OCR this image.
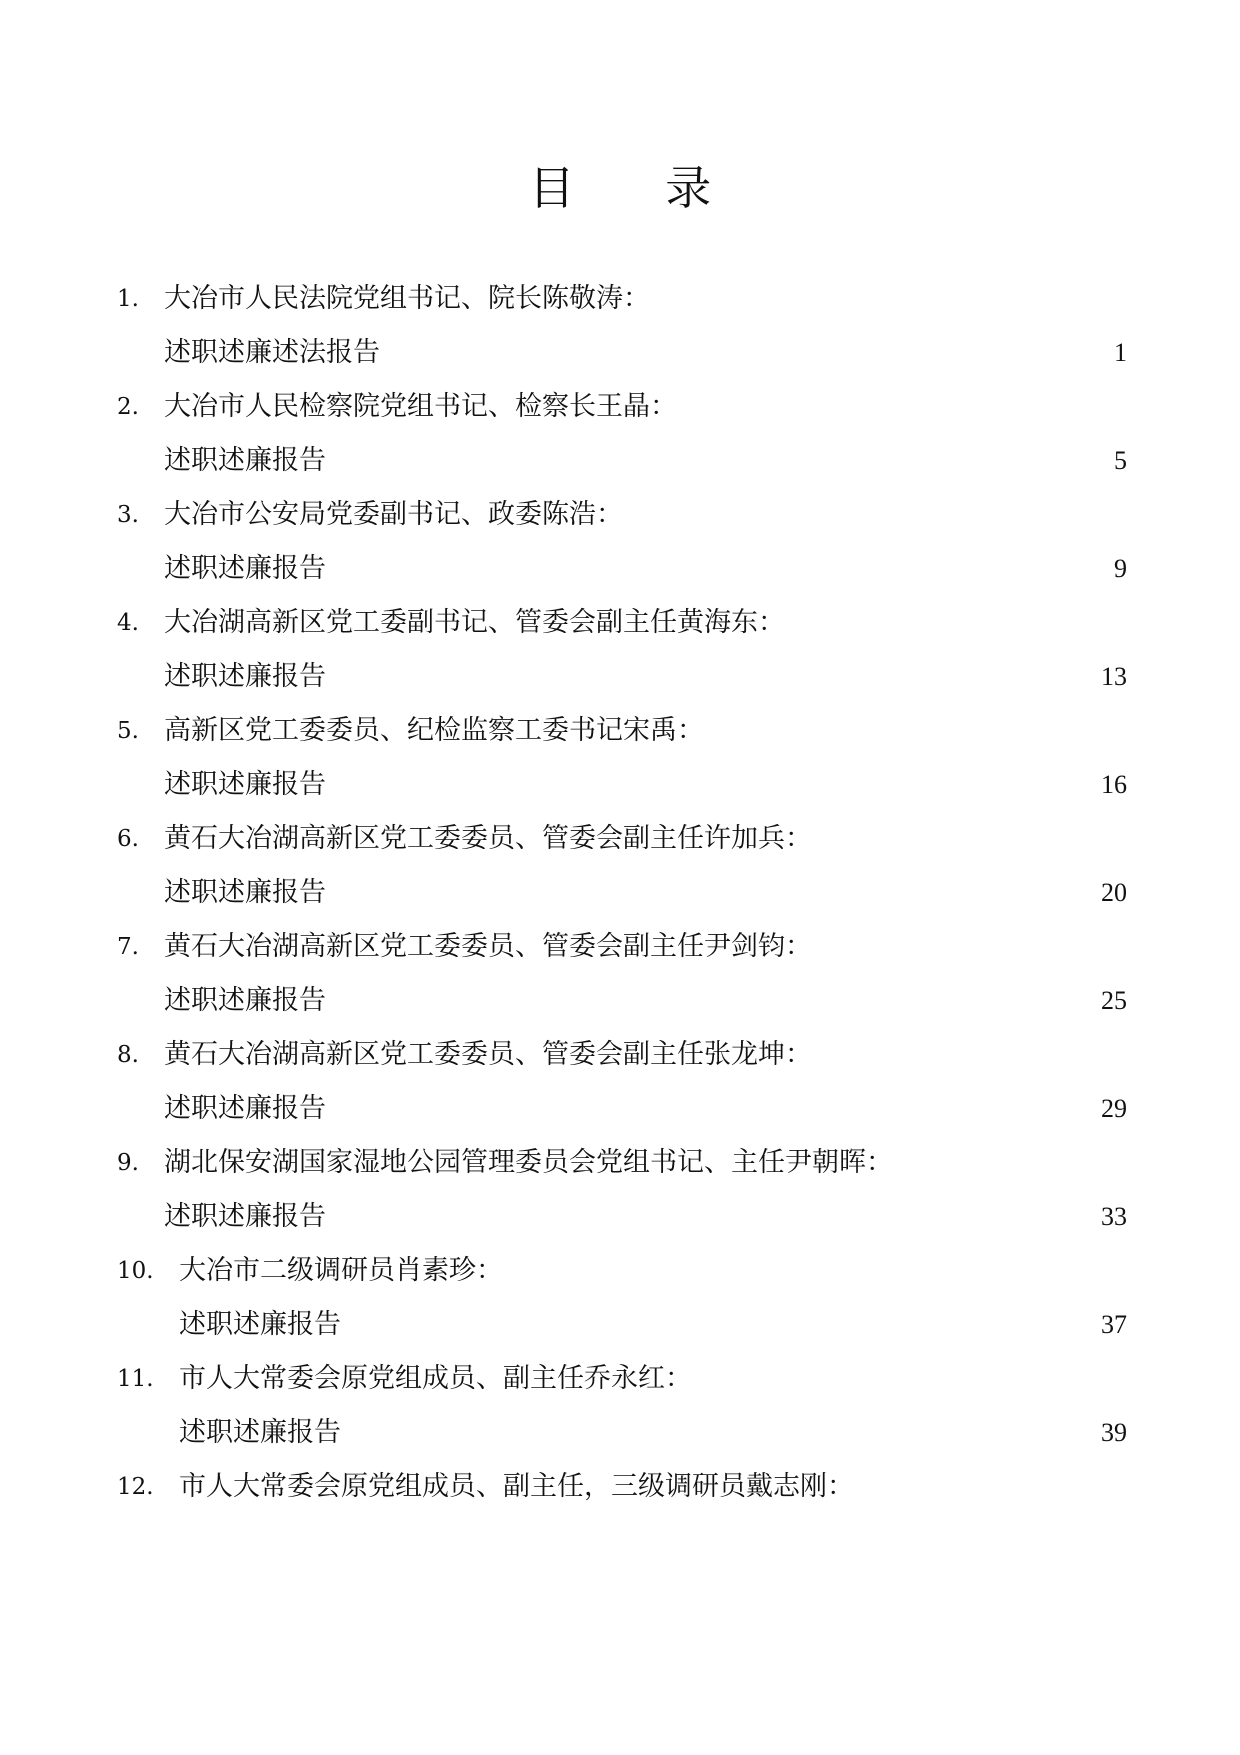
目 录
1. 大冶市人民法院党组书记、院长陈敬涛：
述职述廉述法报告	1
2. 大冶市人民检察院党组书记、检察长王晶：
述职述廉报告	5
3. 大冶市公安局党委副书记、政委陈浩：
述职述廉报告	9
4. 大冶湖高新区党工委副书记、管委会副主任黄海东：
述职述廉报告	13
5. 高新区党工委委员、纪检监察工委书记宋禹：
述职述廉报告	16
6. 黄石大冶湖高新区党工委委员、管委会副主任许加兵：
述职述廉报告	20
7. 黄石大冶湖高新区党工委委员、管委会副主任尹剑钧：
述职述廉报告	25
8. 黄石大冶湖高新区党工委委员、管委会副主任张龙坤：
述职述廉报告	29
9. 湖北保安湖国家湿地公园管理委员会党组书记、主任尹朝晖：
述职述廉报告	33
10. 大冶市二级调研员肖素珍：
述职述廉报告	37
11. 市人大常委会原党组成员、副主任乔永红：
述职述廉报告	39
12. 市人大常委会原党组成员、副主任，三级调研员戴志刚：
